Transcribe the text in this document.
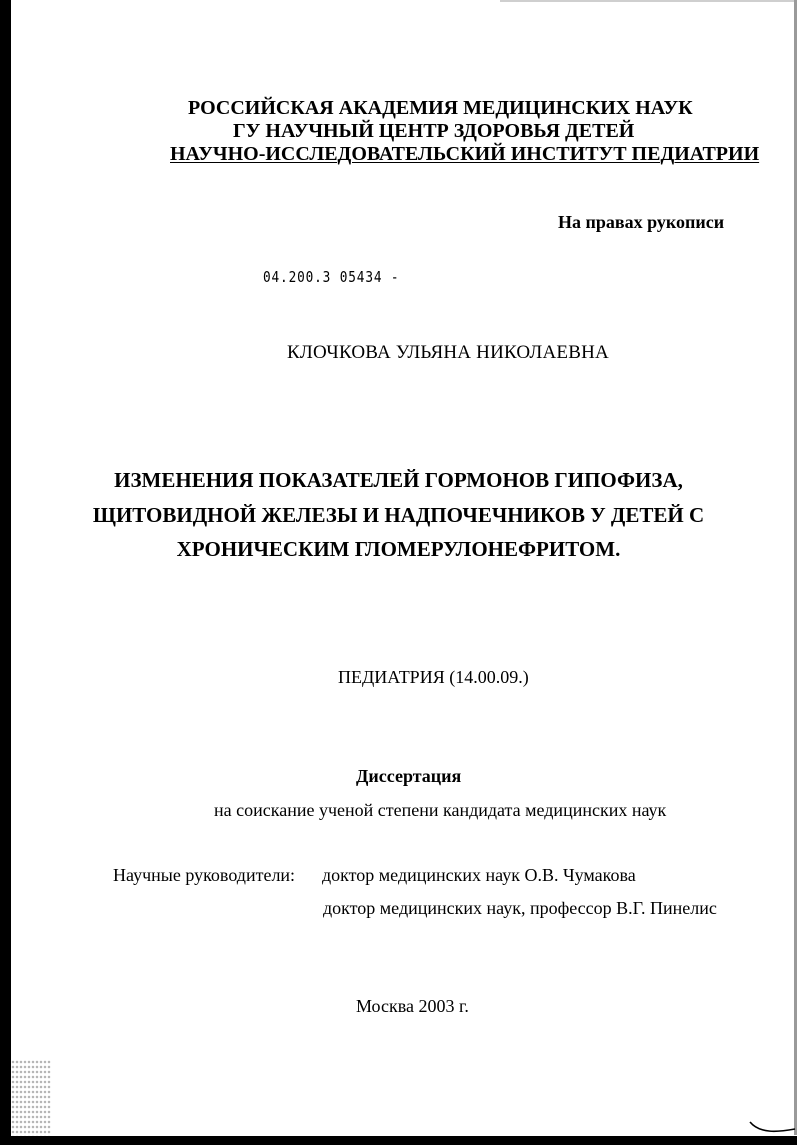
РОССИЙСКАЯ АКАДЕМИЯ МЕДИЦИНСКИХ НАУК
ГУ НАУЧНЫЙ ЦЕНТР ЗДОРОВЬЯ ДЕТЕЙ
НАУЧНО-ИССЛЕДОВАТЕЛЬСКИЙ ИНСТИТУТ ПЕДИАТРИИ
На правах рукописи
04.200.3 05434 -
КЛОЧКОВА УЛЬЯНА НИКОЛАЕВНА
ИЗМЕНЕНИЯ ПОКАЗАТЕЛЕЙ ГОРМОНОВ ГИПОФИЗА,
ЩИТОВИДНОЙ ЖЕЛЕЗЫ И НАДПОЧЕЧНИКОВ У ДЕТЕЙ С
ХРОНИЧЕСКИМ ГЛОМЕРУЛОНЕФРИТОМ.
ПЕДИАТРИЯ (14.00.09.)
Диссертация
на соискание ученой степени кандидата медицинских наук
Научные руководители: доктор медицинских наук О.В. Чумакова
доктор медицинских наук, профессор В.Г. Пинелис
Москва 2003 г.
